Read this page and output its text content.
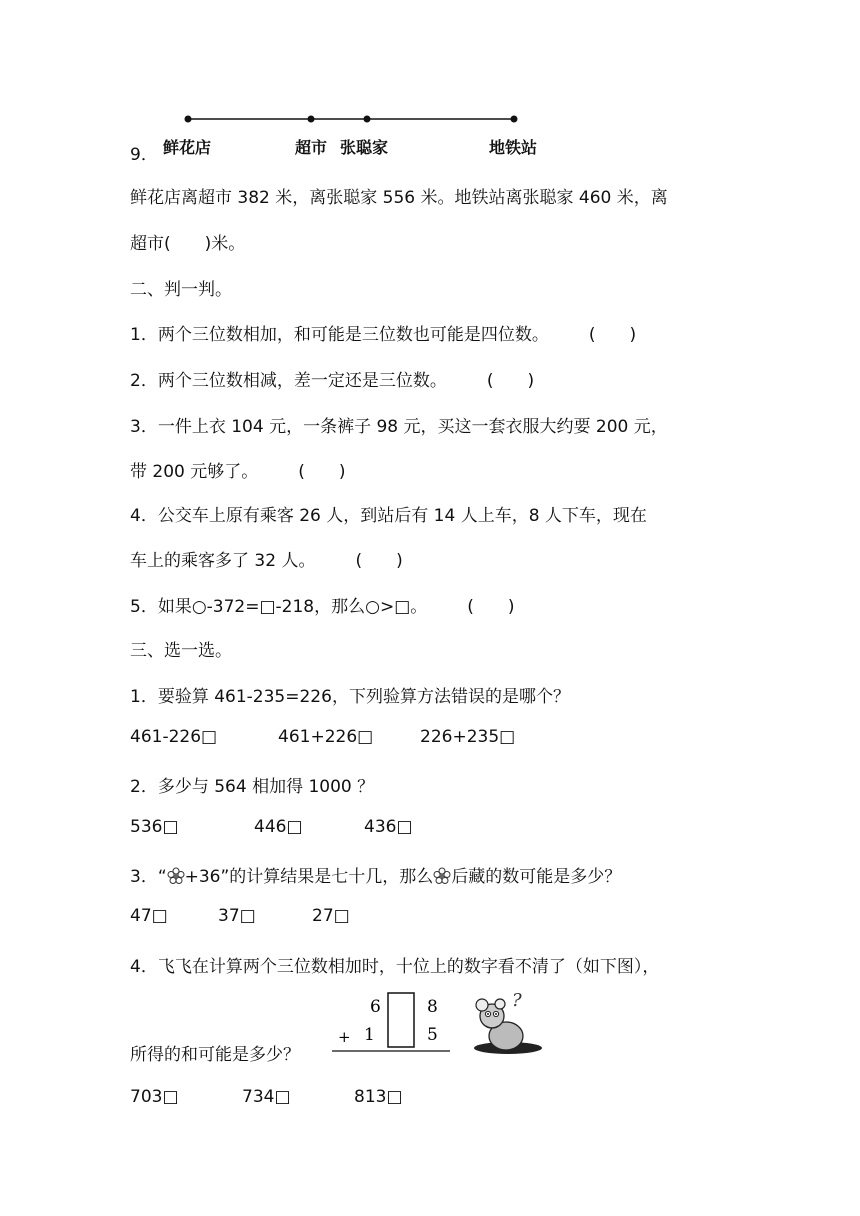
9． 鲜花店	超市 张聪家	地铁站
鲜花店离超市 382 米，离张聪家 556 米。地铁站离张聪家 460 米，离
超市(　　)米。
二、判一判。
1．两个三位数相加，和可能是三位数也可能是四位数。 (　　)
2．两个三位数相减，差一定还是三位数。 (　　)
3．一件上衣 104 元，一条裤子 98 元，买这一套衣服大约要 200 元，
带 200 元够了。 (　　)
4．公交车上原有乘客 26 人，到站后有 14 人上车，8 人下车，现在
车上的乘客多了 32 人。 (　　)
5．如果○-372=□-218，那么○>□。 (　　)
三、选一选。
1．要验算 461-235=226，下列验算方法错误的是哪个？
461-226□	461+226□	226+235□
2．多少与 564 相加得 1000 ？
536□	446□	436□
3．“ +36”的计算结果是七十几，那么 后藏的数可能是多少？
47□	37□	27□
4．飞飞在计算两个三位数相加时，十位上的数字看不清了（如下图），
所得的和可能是多少？
6	8
+ 1	5
?
703□	734□	813□
